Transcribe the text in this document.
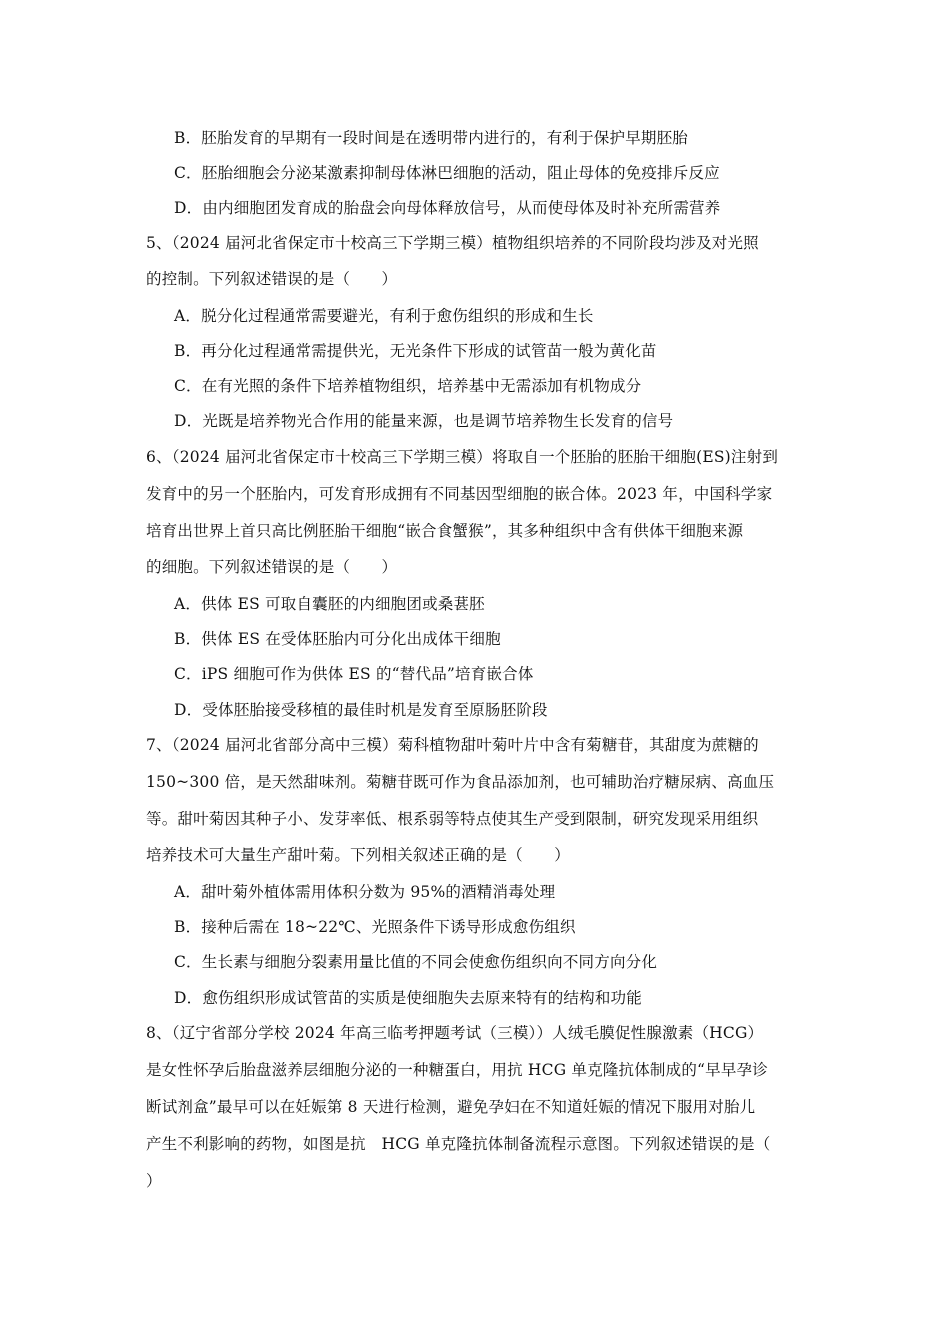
B．胚胎发育的早期有一段时间是在透明带内进行的，有利于保护早期胚胎
C．胚胎细胞会分泌某激素抑制母体淋巴细胞的活动，阻止母体的免疫排斥反应
D．由内细胞团发育成的胎盘会向母体释放信号，从而使母体及时补充所需营养
5、（2024 届河北省保定市十校高三下学期三模）植物组织培养的不同阶段均涉及对光照
的控制。下列叙述错误的是（　　）
A．脱分化过程通常需要避光，有利于愈伤组织的形成和生长
B．再分化过程通常需提供光，无光条件下形成的试管苗一般为黄化苗
C．在有光照的条件下培养植物组织，培养基中无需添加有机物成分
D．光既是培养物光合作用的能量来源，也是调节培养物生长发育的信号
6、（2024 届河北省保定市十校高三下学期三模）将取自一个胚胎的胚胎干细胞(ES)注射到
发育中的另一个胚胎内，可发育形成拥有不同基因型细胞的嵌合体。2023 年，中国科学家
培育出世界上首只高比例胚胎干细胞“嵌合食蟹猴”，其多种组织中含有供体干细胞来源
的细胞。下列叙述错误的是（　　）
A．供体 ES 可取自囊胚的内细胞团或桑葚胚
B．供体 ES 在受体胚胎内可分化出成体干细胞
C．iPS 细胞可作为供体 ES 的“替代品”培育嵌合体
D．受体胚胎接受移植的最佳时机是发育至原肠胚阶段
7、（2024 届河北省部分高中三模）菊科植物甜叶菊叶片中含有菊糖苷，其甜度为蔗糖的
150~300 倍，是天然甜味剂。菊糖苷既可作为食品添加剂，也可辅助治疗糖尿病、高血压
等。甜叶菊因其种子小、发芽率低、根系弱等特点使其生产受到限制，研究发现采用组织
培养技术可大量生产甜叶菊。下列相关叙述正确的是（　　）
A．甜叶菊外植体需用体积分数为 95%的酒精消毒处理
B．接种后需在 18~22℃、光照条件下诱导形成愈伤组织
C．生长素与细胞分裂素用量比值的不同会使愈伤组织向不同方向分化
D．愈伤组织形成试管苗的实质是使细胞失去原来特有的结构和功能
8、（辽宁省部分学校 2024 年高三临考押题考试（三模））人绒毛膜促性腺激素（HCG）
是女性怀孕后胎盘滋养层细胞分泌的一种糖蛋白，用抗 HCG 单克隆抗体制成的“早早孕诊
断试剂盒”最早可以在妊娠第 8 天进行检测，避免孕妇在不知道妊娠的情况下服用对胎儿
产生不利影响的药物，如图是抗　HCG 单克隆抗体制备流程示意图。下列叙述错误的是（
）
